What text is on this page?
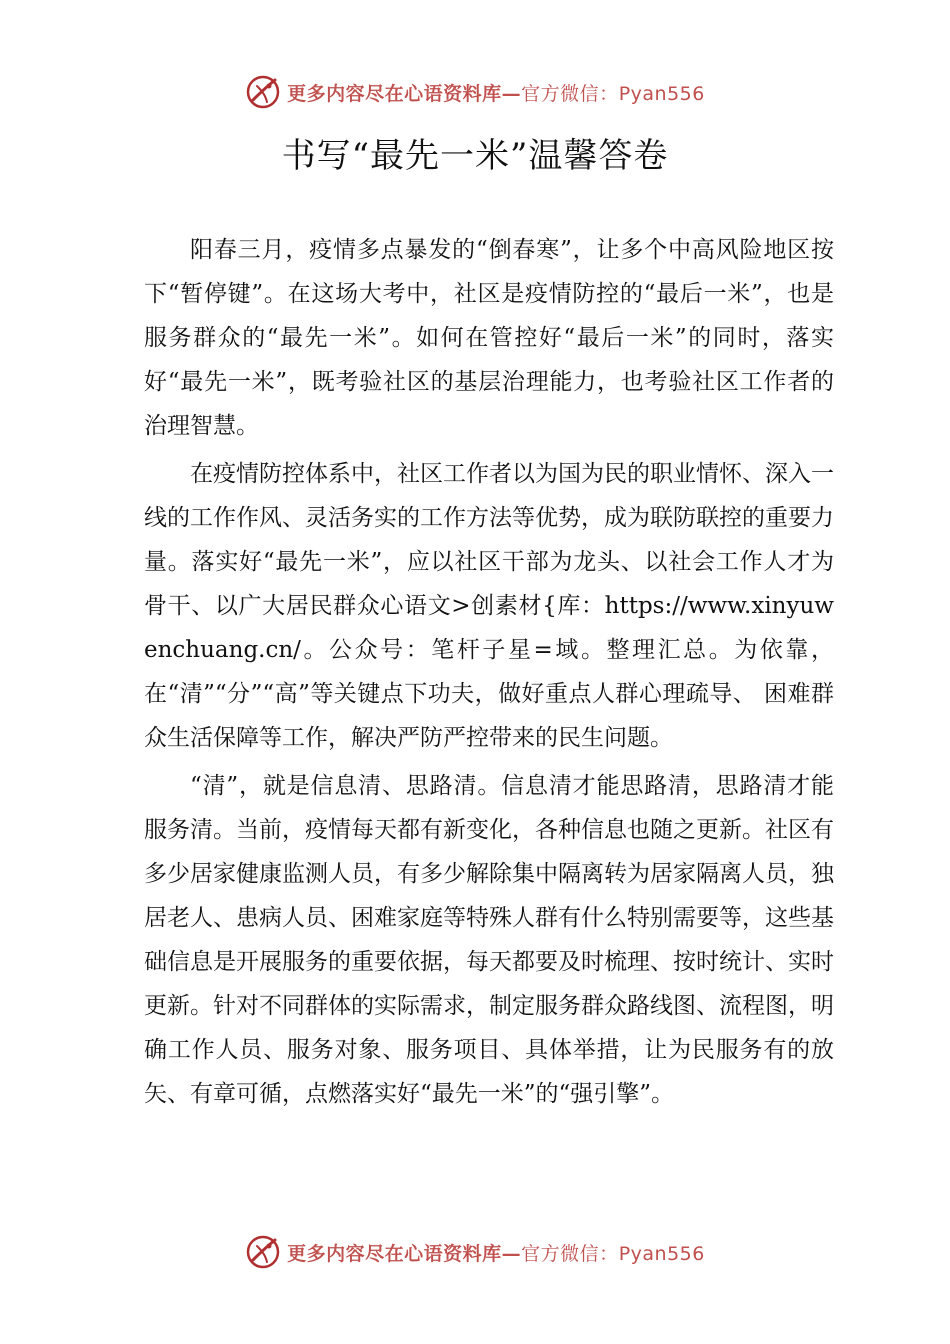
更多内容尽在心语资料库—官方微信：Pyan556
书写“最先一米”温馨答卷

阳春三月，疫情多点暴发的“倒春寒”，让多个中高风险地区按下“暂停键”。在这场大考中，社区是疫情防控的“最后一米”，也是服务群众的“最先一米”。如何在管控好“最后一米”的同时，落实好“最先一米”，既考验社区的基层治理能力，也考验社区工作者的治理智慧。

在疫情防控体系中，社区工作者以为国为民的职业情怀、深入一线的工作作风、灵活务实的工作方法等优势，成为联防联控的重要力量。落实好“最先一米”，应以社区干部为龙头、以社会工作人才为骨干、以广大居民群众心语文>创素材{库：https://www.xinyuwenchuang.cn/。公众号：笔杆子星=域。整理汇总。为依靠，在“清”“分”“高”等关键点下功夫，做好重点人群心理疏导、 困难群众生活保障等工作，解决严防严控带来的民生问题。

“清”，就是信息清、思路清。信息清才能思路清，思路清才能服务清。当前，疫情每天都有新变化，各种信息也随之更新。社区有多少居家健康监测人员，有多少解除集中隔离转为居家隔离人员，独居老人、患病人员、困难家庭等特殊人群有什么特别需要等，这些基础信息是开展服务的重要依据，每天都要及时梳理、按时统计、实时更新。针对不同群体的实际需求，制定服务群众路线图、流程图，明确工作人员、服务对象、服务项目、具体举措，让为民服务有的放矢、有章可循，点燃落实好“最先一米”的“强引擎”。

更多内容尽在心语资料库—官方微信：Pyan556
